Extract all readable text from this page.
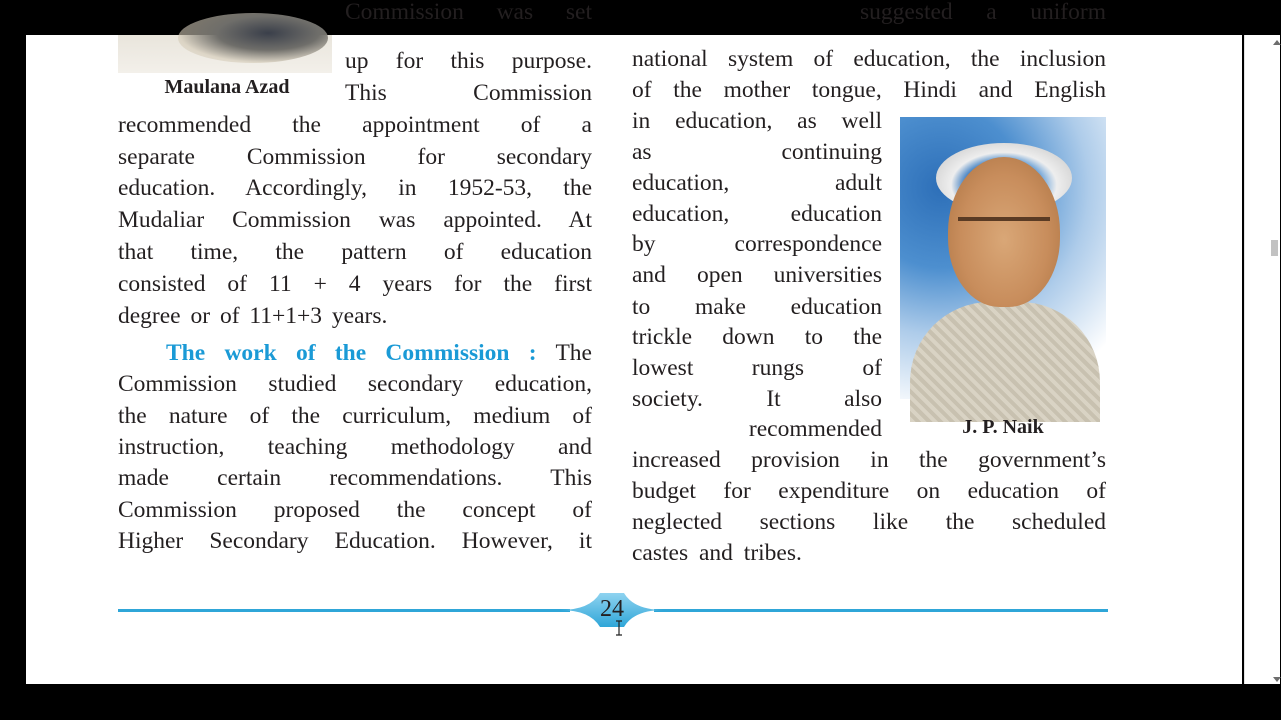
Commission was set
Maulana Azad
up for this purpose.
This Commission
recommended the appointment of a
separate Commission for secondary
education. Accordingly, in 1952-53, the
Mudaliar Commission was appointed. At
that time, the pattern of education
consisted of 11 + 4 years for the first
degree or of 11+1+3 years.
The work of the Commission : The
Commission studied secondary education,
the nature of the curriculum, medium of
instruction, teaching methodology and
made certain recommendations. This
Commission proposed the concept of
Higher Secondary Education. However, it
suggested a uniform
national system of education, the inclusion
of the mother tongue, Hindi and English
in education, as well
as continuing
education, adult
education, education
by correspondence
and open universities
to make education
trickle down to the
lowest rungs of
society. It also
recommended
increased provision in the government’s
budget for expenditure on education of
neglected sections like the scheduled
castes and tribes.
J. P. Naik
24
